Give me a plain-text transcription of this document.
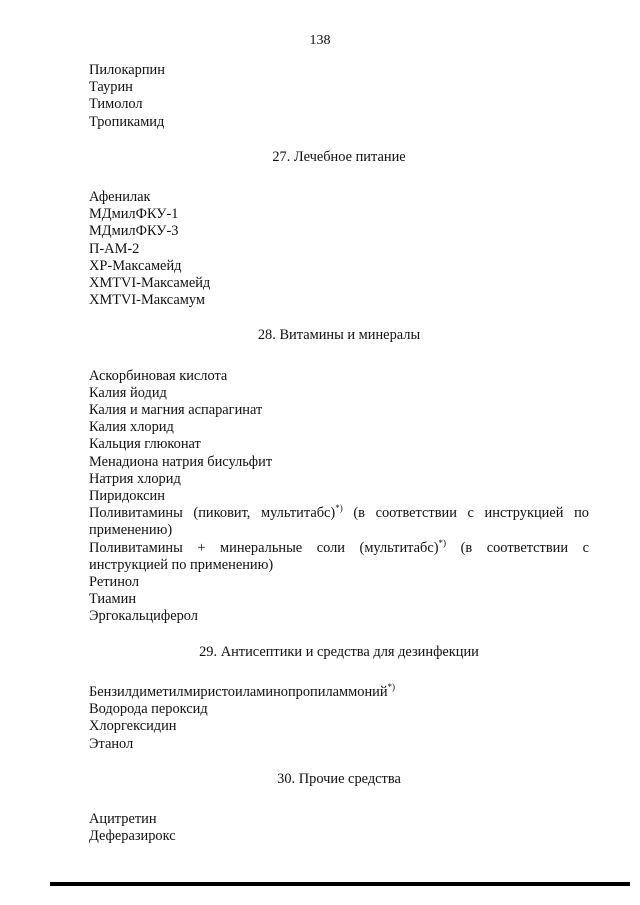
138

Пилокарпин

Таурин

Тимолол

Тропикамид

27. Лечебное питание

Афенилак

МДмилФКУ-1

МДмилФКУ-3

П-АМ-2

ХР-Максамейд

ХМТVI-Максамейд

ХМТVI-Максамум

28. Витамины и минералы

Аскорбиновая кислота

Калия йодид

Калия и магния аспарагинат

Калия хлорид

Кальция глюконат

Менадиона натрия бисульфит

Натрия хлорид

Пиридоксин

Поливитамины (пиковит, мультитабс)*) (в соответствии с инструкцией по применению)

Поливитамины + минеральные соли (мультитабс)*) (в соответствии с инструкцией по применению)

Ретинол

Тиамин

Эргокальциферол

29. Антисептики и средства для дезинфекции

Бензилдиметилмиристоиламинопропиламмоний*)

Водорода пероксид

Хлоргексидин

Этанол

30. Прочие средства

Ацитретин

Деферазирокс
